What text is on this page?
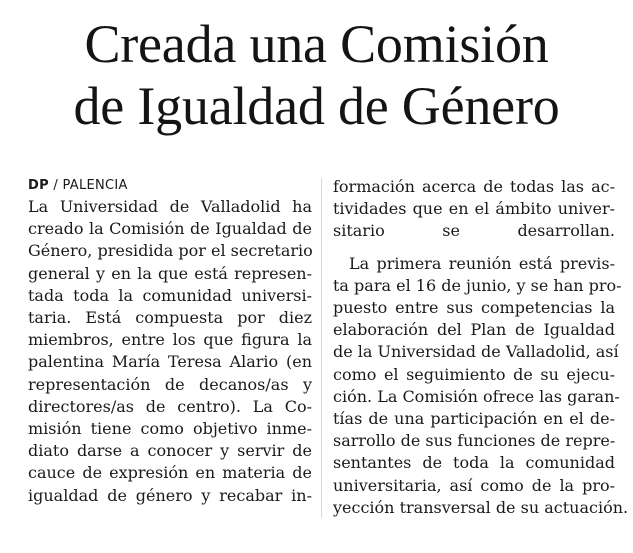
Creada una Comisión
de Igualdad de Género
DP / PALENCIA
La Universidad de Valladolid ha
creado la Comisión de Igualdad de
Género, presidida por el secretario
general y en la que está represen-
tada toda la comunidad universi-
taria. Está compuesta por diez
miembros, entre los que figura la
palentina María Teresa Alario (en
representación de decanos/as y
directores/as de centro). La Co-
misión tiene como objetivo inme-
diato darse a conocer y servir de
cauce de expresión en materia de
igualdad de género y recabar in-
formación acerca de todas las ac-
tividades que en el ámbito univer-
sitario se desarrollan.
La primera reunión está previs-
ta para el 16 de junio, y se han pro-
puesto entre sus competencias la
elaboración del Plan de Igualdad
de la Universidad de Valladolid, así
como el seguimiento de su ejecu-
ción. La Comisión ofrece las garan-
tías de una participación en el de-
sarrollo de sus funciones de repre-
sentantes de toda la comunidad
universitaria, así como de la pro-
yección transversal de su actuación.
